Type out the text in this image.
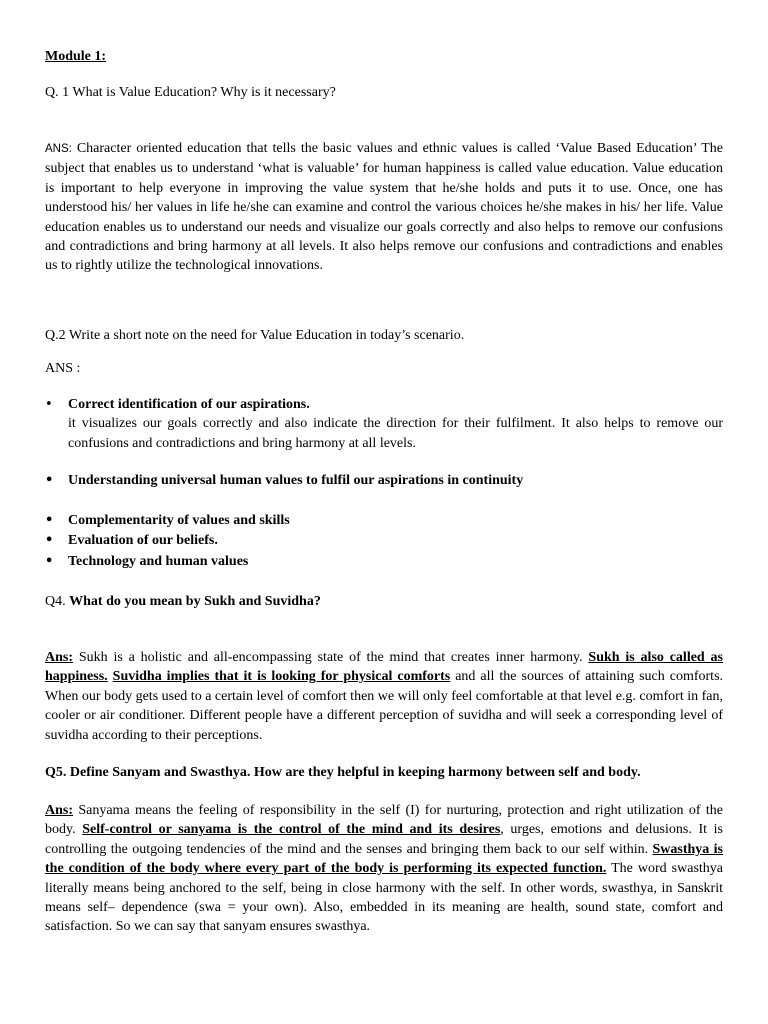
Module 1:

Q. 1 What is Value Education? Why is it necessary?

ANS: Character oriented education that tells the basic values and ethnic values is called ‘Value Based Education’ The subject that enables us to understand ‘what is valuable’ for human happiness is called value education. Value education is important to help everyone in improving the value system that he/she holds and puts it to use. Once, one has understood his/ her values in life he/she can examine and control the various choices he/she makes in his/ her life. Value education enables us to understand our needs and visualize our goals correctly and also helps to remove our confusions and contradictions and bring harmony at all levels. It also helps remove our confusions and contradictions and enables us to rightly utilize the technological innovations.

Q.2 Write a short note on the need for Value Education in today’s scenario.

ANS :

• Correct identification of our aspirations.
it visualizes our goals correctly and also indicate the direction for their fulfilment. It also helps to remove our confusions and contradictions and bring harmony at all levels.
• Understanding universal human values to fulfil our aspirations in continuity
• Complementarity of values and skills
• Evaluation of our beliefs.
• Technology and human values

Q4. What do you mean by Sukh and Suvidha?

Ans: Sukh is a holistic and all-encompassing state of the mind that creates inner harmony. Sukh is also called as happiness. Suvidha implies that it is looking for physical comforts and all the sources of attaining such comforts. When our body gets used to a certain level of comfort then we will only feel comfortable at that level e.g. comfort in fan, cooler or air conditioner. Different people have a different perception of suvidha and will seek a corresponding level of suvidha according to their perceptions.

Q5. Define Sanyam and Swasthya. How are they helpful in keeping harmony between self and body.

Ans: Sanyama means the feeling of responsibility in the self (I) for nurturing, protection and right utilization of the body. Self-control or sanyama is the control of the mind and its desires, urges, emotions and delusions. It is controlling the outgoing tendencies of the mind and the senses and bringing them back to our self within. Swasthya is the condition of the body where every part of the body is performing its expected function. The word swasthya literally means being anchored to the self, being in close harmony with the self. In other words, swasthya, in Sanskrit means self– dependence (swa = your own). Also, embedded in its meaning are health, sound state, comfort and satisfaction. So we can say that sanyam ensures swasthya.
